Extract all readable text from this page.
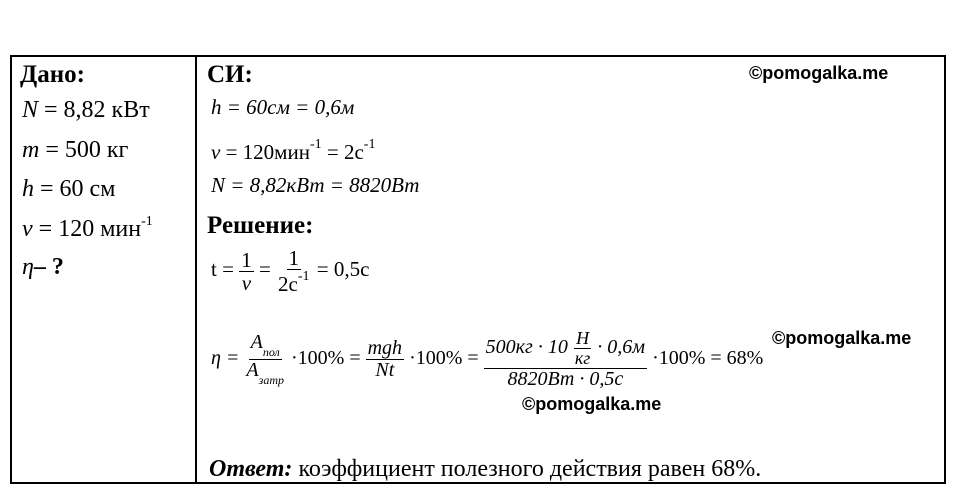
Дано:
N = 8,82 кВт
m = 500 кг
h = 60 см
ν = 120 мин$^{-1}$
η– ?
СИ:	©pomogalka.me
h = 60см = 0,6м
$\nu = 120мин^{-1} = 2с^{-1}$
N = 8,82кВт = 8820Вт
Решение:
$t = \frac{1}{\nu} = \frac{1}{2с^{-1}} = 0,5с$
$\eta = \frac{A_{пол}}{A_{затр}} \cdot 100\% = \frac{\text{mgh}}{Nt} \cdot 100\% = 500кг \cdot 10 \frac{Н}{кг} \cdot 0,6м$
8820Вт · 0,5с
·100% = 68%
©pomogalka.me
©pomogalka.me
Ответ: коэффициент полезного действия равен 68%.
